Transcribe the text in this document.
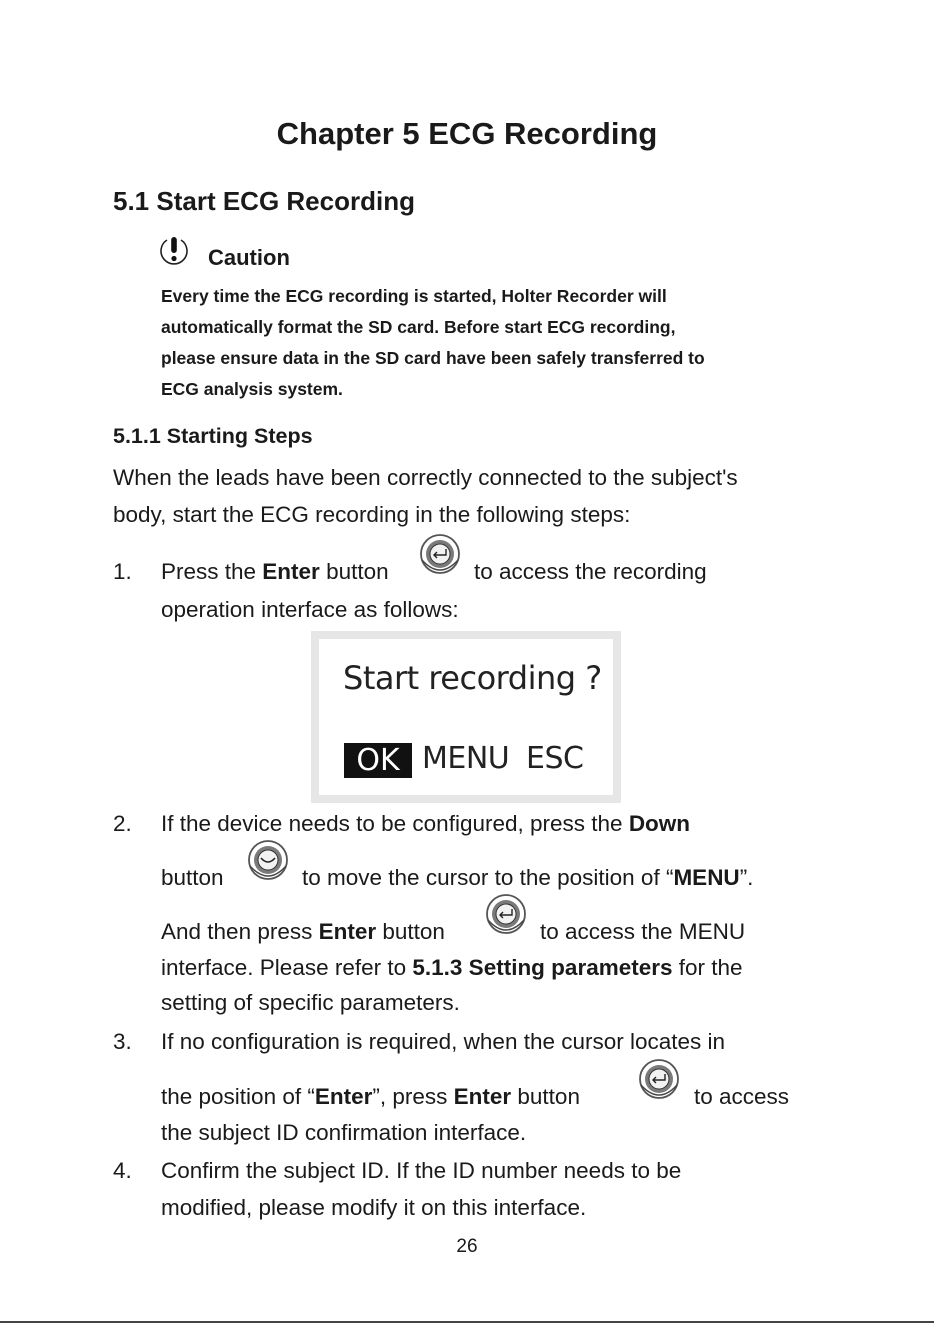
Chapter 5 ECG Recording
5.1 Start ECG Recording
Caution
Every time the ECG recording is started, Holter Recorder will
automatically format the SD card. Before start ECG recording,
please ensure data in the SD card have been safely transferred to
ECG analysis system.
5.1.1 Starting Steps
When the leads have been correctly connected to the subject's
body, start the ECG recording in the following steps:
1. Press the Enter button	to access the recording
operation interface as follows:
Start recording ?
OK MENU ESC
2. If the device needs to be configured, press the Down
button	to move the cursor to the position of “MENU”.
And then press Enter button	to access the MENU
interface. Please refer to 5.1.3 Setting parameters for the
setting of specific parameters.
3. If no configuration is required, when the cursor locates in
the position of “Enter”, press Enter button	to access
the subject ID confirmation interface.
4. Confirm the subject ID. If the ID number needs to be
modified, please modify it on this interface.
26
